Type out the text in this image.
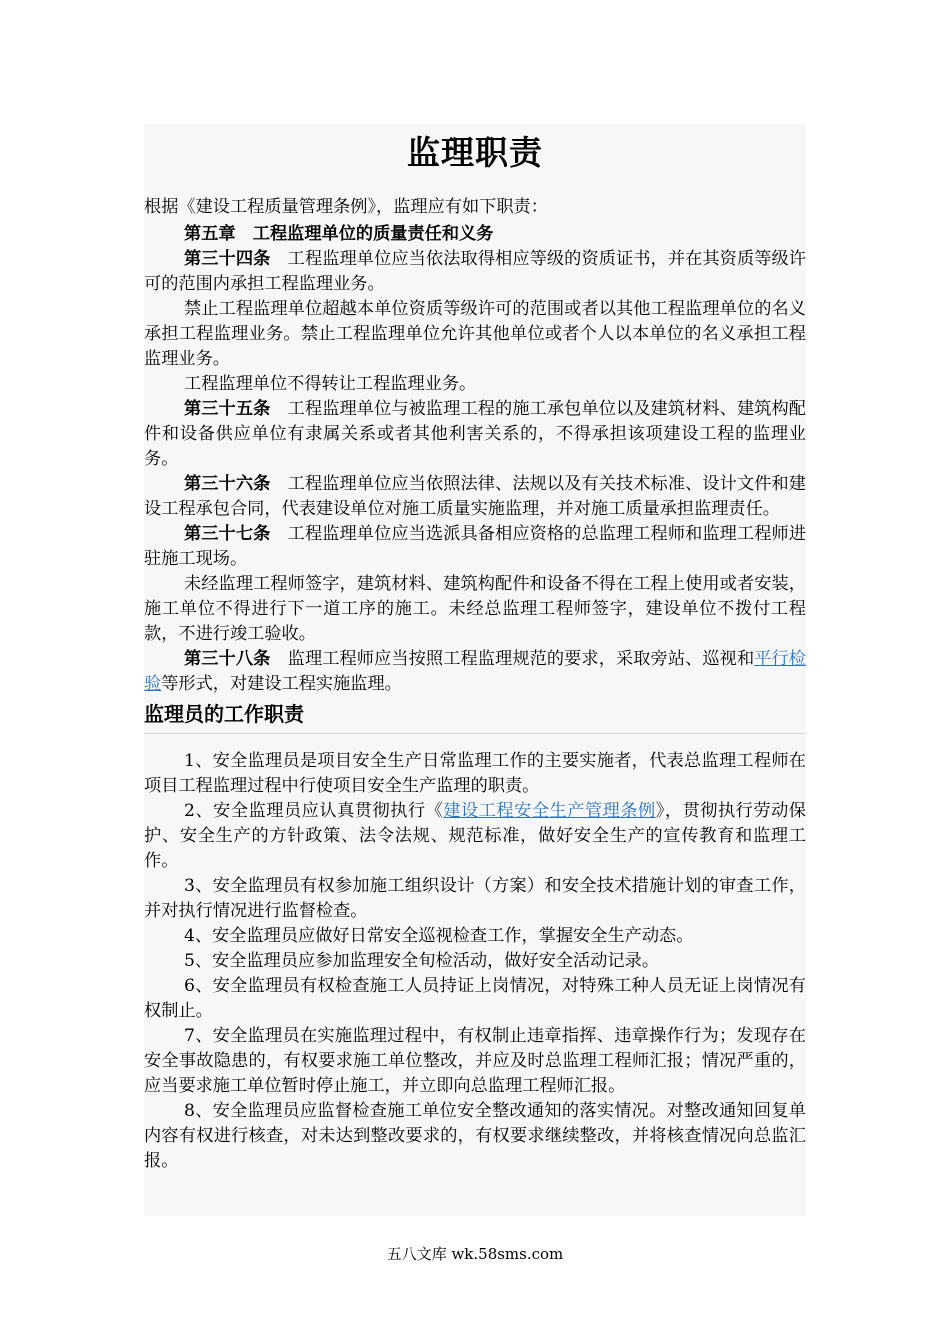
监理职责

根据《建设工程质量管理条例》，监理应有如下职责：

第五章　工程监理单位的质量责任和义务

第三十四条　工程监理单位应当依法取得相应等级的资质证书，并在其资质等级许可的范围内承担工程监理业务。

禁止工程监理单位超越本单位资质等级许可的范围或者以其他工程监理单位的名义承担工程监理业务。禁止工程监理单位允许其他单位或者个人以本单位的名义承担工程监理业务。

工程监理单位不得转让工程监理业务。

第三十五条　工程监理单位与被监理工程的施工承包单位以及建筑材料、建筑构配件和设备供应单位有隶属关系或者其他利害关系的，不得承担该项建设工程的监理业务。

第三十六条　工程监理单位应当依照法律、法规以及有关技术标准、设计文件和建设工程承包合同，代表建设单位对施工质量实施监理，并对施工质量承担监理责任。

第三十七条　工程监理单位应当选派具备相应资格的总监理工程师和监理工程师进驻施工现场。

未经监理工程师签字，建筑材料、建筑构配件和设备不得在工程上使用或者安装，施工单位不得进行下一道工序的施工。未经总监理工程师签字，建设单位不拨付工程款，不进行竣工验收。

第三十八条　监理工程师应当按照工程监理规范的要求，采取旁站、巡视和平行检验等形式，对建设工程实施监理。

监理员的工作职责

1、安全监理员是项目安全生产日常监理工作的主要实施者，代表总监理工程师在项目工程监理过程中行使项目安全生产监理的职责。

2、安全监理员应认真贯彻执行《建设工程安全生产管理条例》，贯彻执行劳动保护、安全生产的方针政策、法令法规、规范标准，做好安全生产的宣传教育和监理工作。

3、安全监理员有权参加施工组织设计（方案）和安全技术措施计划的审查工作，并对执行情况进行监督检查。

4、安全监理员应做好日常安全巡视检查工作，掌握安全生产动态。

5、安全监理员应参加监理安全旬检活动，做好安全活动记录。

6、安全监理员有权检查施工人员持证上岗情况，对特殊工种人员无证上岗情况有权制止。

7、安全监理员在实施监理过程中，有权制止违章指挥、违章操作行为；发现存在安全事故隐患的，有权要求施工单位整改，并应及时总监理工程师汇报；情况严重的，应当要求施工单位暂时停止施工，并立即向总监理工程师汇报。

8、安全监理员应监督检查施工单位安全整改通知的落实情况。对整改通知回复单内容有权进行核查，对未达到整改要求的，有权要求继续整改，并将核查情况向总监汇报。

五八文库 wk.58sms.com
